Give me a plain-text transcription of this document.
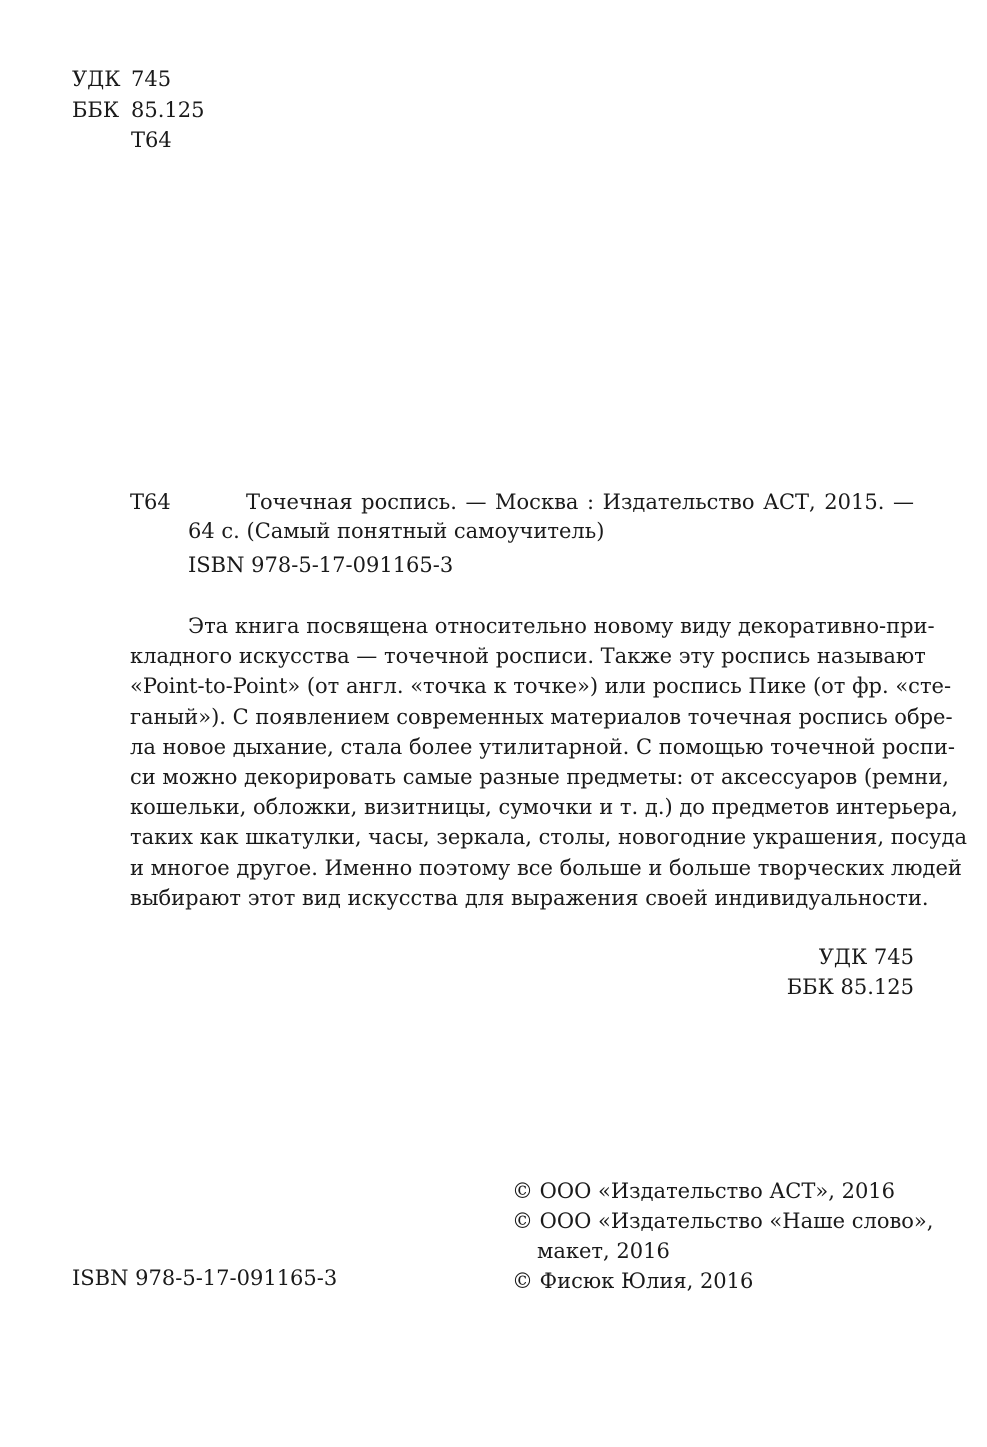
УДК 745
ББК 85.125
Т64
Т64	Точечная роспись. — Москва : Издательство АСТ, 2015. —
64 с. (Самый понятный самоучитель)
ISBN 978-5-17-091165-3

Эта книга посвящена относительно новому виду декоративно-при-
кладного искусства — точечной росписи. Также эту роспись называют
«Point-to-Point» (от англ. «точка к точке») или роспись Пике (от фр. «сте-
ганый»). С появлением современных материалов точечная роспись обре-
ла новое дыхание, стала более утилитарной. С помощью точечной роспи-
си можно декорировать самые разные предметы: от аксессуаров (ремни,
кошельки, обложки, визитницы, сумочки и т. д.) до предметов интерьера,
таких как шкатулки, часы, зеркала, столы, новогодние украшения, посуда
и многое другое. Именно поэтому все больше и больше творческих людей
выбирают этот вид искусства для выражения своей индивидуальности.

УДК 745
ББК 85.125
© ООО «Издательство АСТ», 2016
© ООО «Издательство «Наше слово»,
макет, 2016
© Фисюк Юлия, 2016
ISBN 978-5-17-091165-3
